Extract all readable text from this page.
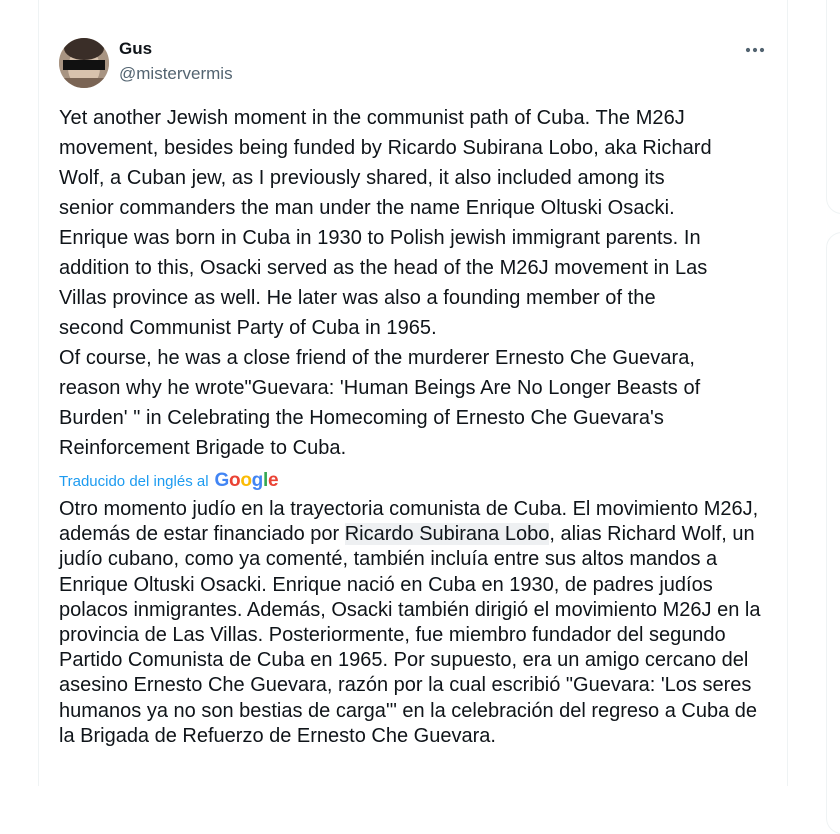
Gus
@mistervermis

Yet another Jewish moment in the communist path of Cuba. The M26J
movement, besides being funded by Ricardo Subirana Lobo, aka Richard
Wolf, a Cuban jew, as I previously shared, it also included among its
senior commanders the man under the name Enrique Oltuski Osacki.
Enrique was born in Cuba in 1930 to Polish jewish immigrant parents. In
addition to this, Osacki served as the head of the M26J movement in Las
Villas province as well. He later was also a founding member of the
second Communist Party of Cuba in 1965.
Of course, he was a close friend of the murderer Ernesto Che Guevara,
reason why he wrote"Guevara: 'Human Beings Are No Longer Beasts of
Burden' " in Celebrating the Homecoming of Ernesto Che Guevara's
Reinforcement Brigade to Cuba.

Traducido del inglés al Google

Otro momento judío en la trayectoria comunista de Cuba. El movimiento M26J, además de estar financiado por Ricardo Subirana Lobo, alias Richard Wolf, un judío cubano, como ya comenté, también incluía entre sus altos mandos a Enrique Oltuski Osacki. Enrique nació en Cuba en 1930, de padres judíos polacos inmigrantes. Además, Osacki también dirigió el movimiento M26J en la provincia de Las Villas. Posteriormente, fue miembro fundador del segundo Partido Comunista de Cuba en 1965. Por supuesto, era un amigo cercano del asesino Ernesto Che Guevara, razón por la cual escribió "Guevara: 'Los seres humanos ya no son bestias de carga'" en la celebración del regreso a Cuba de la Brigada de Refuerzo de Ernesto Che Guevara.
